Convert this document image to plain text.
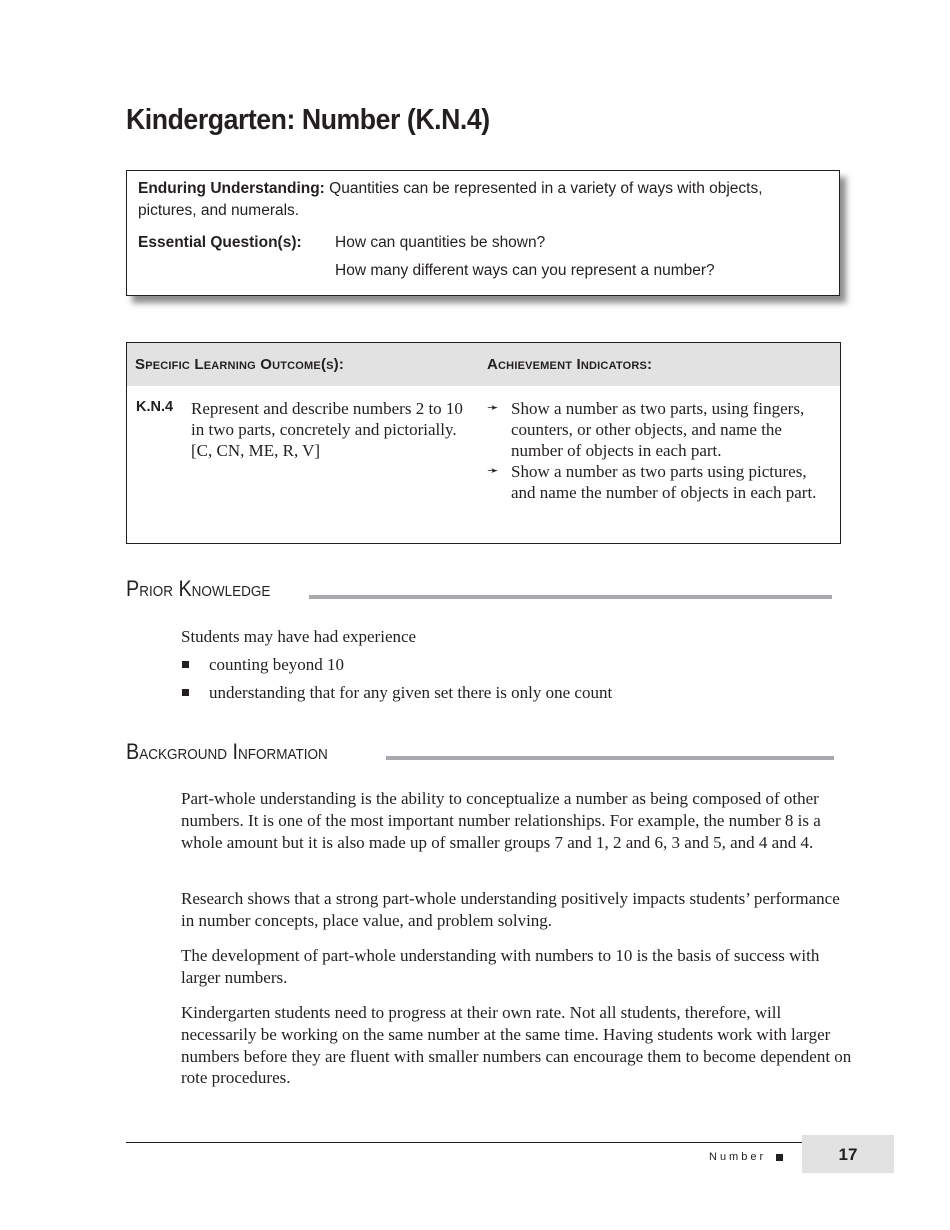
Kindergarten: Number (K.N.4)
Enduring Understanding: Quantities can be represented in a variety of ways with objects, pictures, and numerals.
Essential Question(s): How can quantities be shown?
How many different ways can you represent a number?
Specific Learning Outcome(s):	Achievement Indicators:
K.N.4 Represent and describe numbers 2 to 10 in two parts, concretely and pictorially.
[C, CN, ME, R, V]
➛ Show a number as two parts, using fingers, counters, or other objects, and name the number of objects in each part.
➛ Show a number as two parts using pictures, and name the number of objects in each part.
Prior Knowledge
Students may have had experience
counting beyond 10
understanding that for any given set there is only one count
Background Information

Part-whole understanding is the ability to conceptualize a number as being composed of other numbers. It is one of the most important number relationships. For example, the number 8 is a whole amount but it is also made up of smaller groups 7 and 1, 2 and 6, 3 and 5, and 4 and 4.

Research shows that a strong part-whole understanding positively impacts students’ performance in number concepts, place value, and problem solving.

The development of part-whole understanding with numbers to 10 is the basis of success with larger numbers.

Kindergarten students need to progress at their own rate. Not all students, therefore, will necessarily be working on the same number at the same time. Having students work with larger numbers before they are fluent with smaller numbers can encourage them to become dependent on rote procedures.

Number	17
